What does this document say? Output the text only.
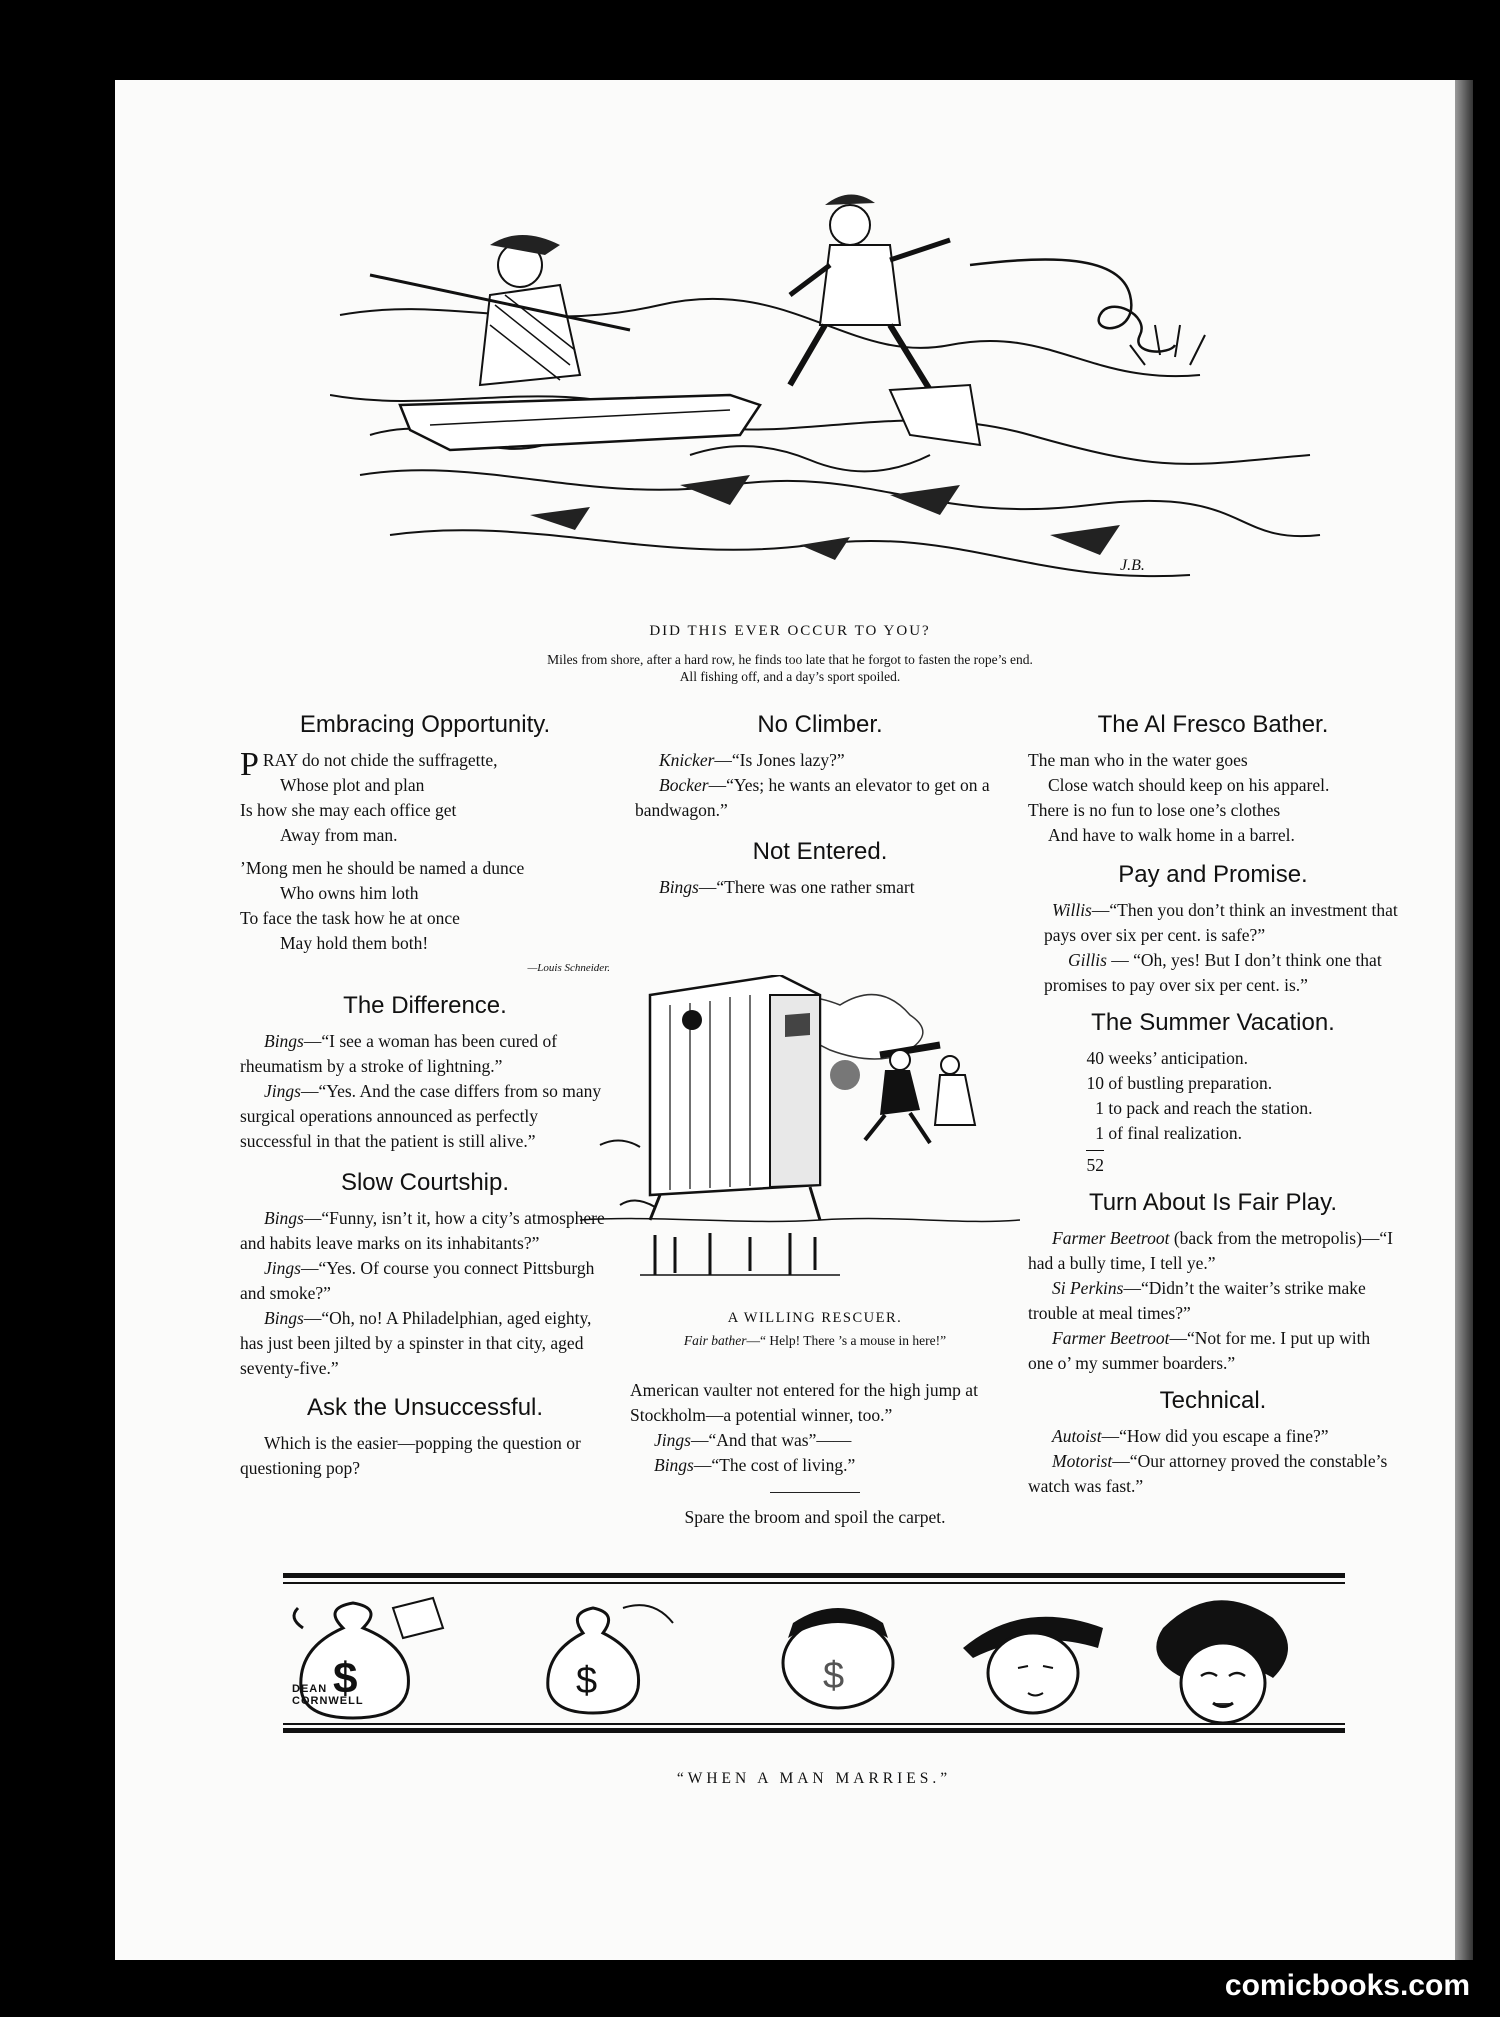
J.B.
DID THIS EVER OCCUR TO YOU?
Miles from shore, after a hard row, he finds too late that he forgot to fasten the rope’s end.
All fishing off, and a day’s sport spoiled.
Embracing Opportunity.

PRAY do not chide the suffragette,

Whose plot and plan

Is how she may each office get

Away from man.

’Mong men he should be named a dunce

Who owns him loth

To face the task how he at once

May hold them both!

—Louis Schneider.

The Difference.

Bings—“I see a woman has been cured of rheumatism by a stroke of lightning.”

Jings—“Yes. And the case differs from so many surgical operations announced as perfectly successful in that the patient is still alive.”

Slow Courtship.

Bings—“Funny, isn’t it, how a city’s atmosphere and habits leave marks on its inhabitants?”

Jings—“Yes. Of course you connect Pittsburgh and smoke?”

Bings—“Oh, no! A Philadelphian, aged eighty, has just been jilted by a spinster in that city, aged seventy-five.”

Ask the Unsuccessful.

Which is the easier—popping the question or questioning pop?

No Climber.

Knicker—“Is Jones lazy?”

Bocker—“Yes; he wants an elevator to get on a bandwagon.”

Not Entered.

Bings—“There was one rather smart

A WILLING RESCUER.
Fair bather—“ Help! There ’s a mouse in here!”

American vaulter not entered for the high jump at Stockholm—a potential winner, too.”

Jings—“And that was”——

Bings—“The cost of living.”

Spare the broom and spoil the carpet.

The Al Fresco Bather.

The man who in the water goes

Close watch should keep on his apparel.

There is no fun to lose one’s clothes

And have to walk home in a barrel.

Pay and Promise.

Willis—“Then you don’t think an investment that pays over six per cent. is safe?”

Gillis — “Oh, yes! But I don’t think one that promises to pay over six per cent. is.”

The Summer Vacation.

40 weeks’ anticipation.

10 of bustling preparation.

1 to pack and reach the station.

1 of final realization.

52

Turn About Is Fair Play.

Farmer Beetroot (back from the metropolis)—“I had a bully time, I tell ye.”

Si Perkins—“Didn’t the waiter’s strike make trouble at meal times?”

Farmer Beetroot—“Not for me. I put up with one o’ my summer boarders.”

Technical.

Autoist—“How did you escape a fine?”

Motorist—“Our attorney proved the constable’s watch was fast.”

$	$	$
DEAN CORNWELL
“WHEN A MAN MARRIES.”
comicbooks.com
